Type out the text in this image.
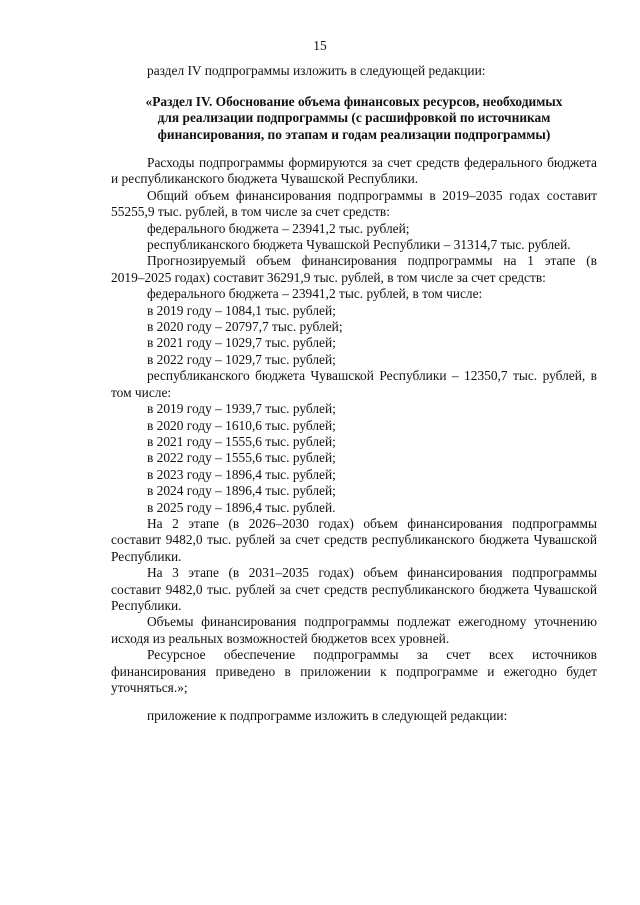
15
раздел IV подпрограммы изложить в следующей редакции:
«Раздел IV. Обоснование объема финансовых ресурсов, необходимых
для реализации подпрограммы (с расшифровкой по источникам
финансирования, по этапам и годам реализации подпрограммы)
Расходы подпрограммы формируются за счет средств федерального бюджета и республиканского бюджета Чувашской Республики.
Общий объем финансирования подпрограммы в 2019–2035 годах составит 55255,9 тыс. рублей, в том числе за счет средств:
федерального бюджета – 23941,2 тыс. рублей;
республиканского бюджета Чувашской Республики – 31314,7 тыс. рублей.
Прогнозируемый объем финансирования подпрограммы на 1 этапе (в
2019–2025 годах) составит 36291,9 тыс. рублей, в том числе за счет средств:
федерального бюджета – 23941,2 тыс. рублей, в том числе:
в 2019 году – 1084,1 тыс. рублей;
в 2020 году – 20797,7 тыс. рублей;
в 2021 году – 1029,7 тыс. рублей;
в 2022 году – 1029,7 тыс. рублей;
республиканского бюджета Чувашской Республики – 12350,7 тыс. рублей, в том числе:
в 2019 году – 1939,7 тыс. рублей;
в 2020 году – 1610,6 тыс. рублей;
в 2021 году – 1555,6 тыс. рублей;
в 2022 году – 1555,6 тыс. рублей;
в 2023 году – 1896,4 тыс. рублей;
в 2024 году – 1896,4 тыс. рублей;
в 2025 году – 1896,4 тыс. рублей.
На 2 этапе (в 2026–2030 годах) объем финансирования подпрограммы составит 9482,0 тыс. рублей за счет средств республиканского бюджета Чувашской Республики.
На 3 этапе (в 2031–2035 годах) объем финансирования подпрограммы составит 9482,0 тыс. рублей за счет средств республиканского бюджета Чувашской Республики.
Объемы финансирования подпрограммы подлежат ежегодному уточнению исходя из реальных возможностей бюджетов всех уровней.
Ресурсное обеспечение подпрограммы за счет всех источников финансирования приведено в приложении к подпрограмме и ежегодно будет уточняться.»;
приложение к подпрограмме изложить в следующей редакции:
